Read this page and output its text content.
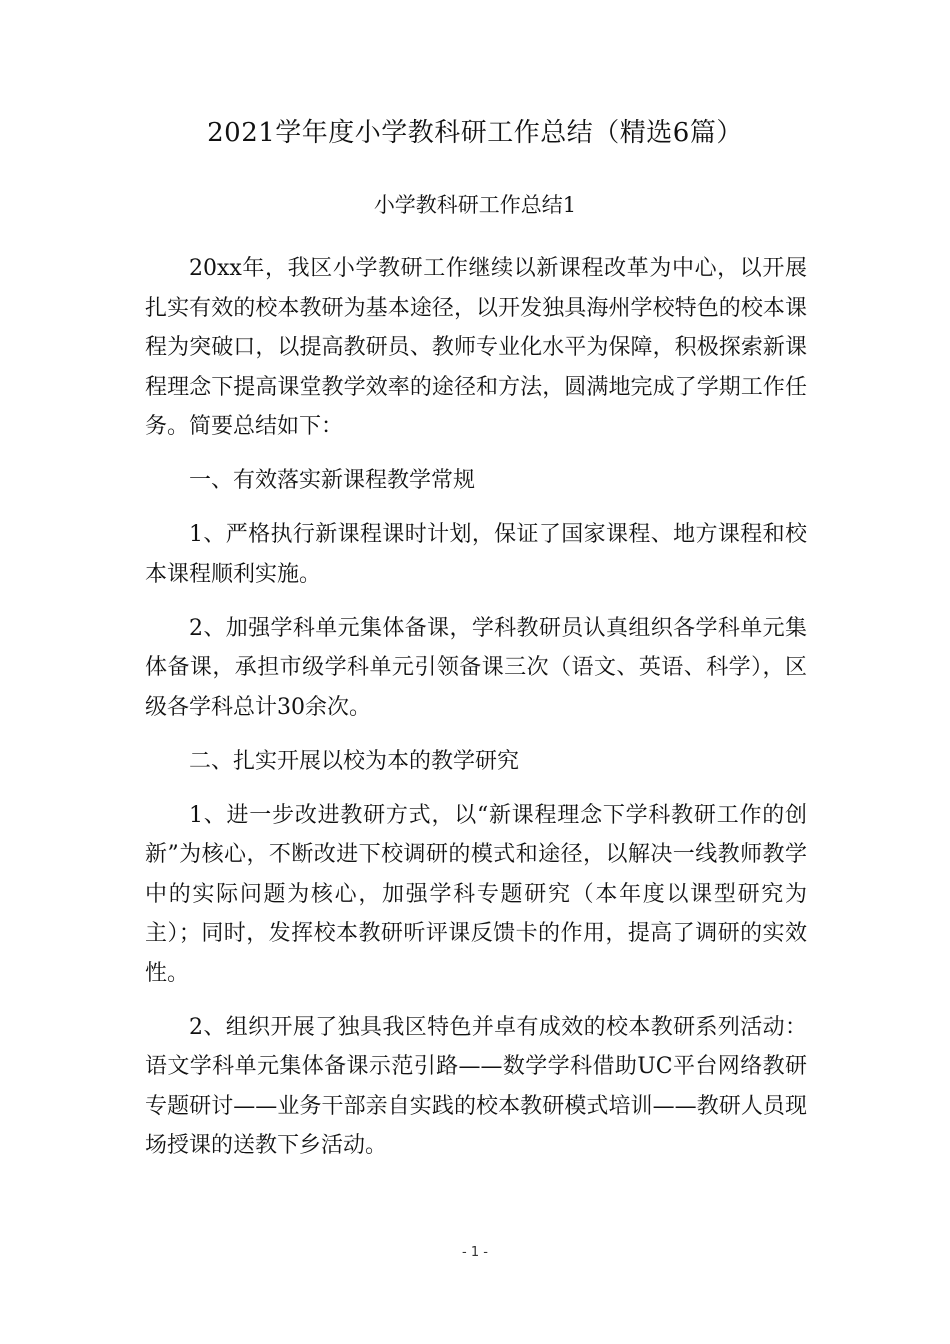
2021学年度小学教科研工作总结（精选6篇）
小学教科研工作总结1

20xx年，我区小学教研工作继续以新课程改革为中心，以开展扎实有效的校本教研为基本途径，以开发独具海州学校特色的校本课程为突破口，以提高教研员、教师专业化水平为保障，积极探索新课程理念下提高课堂教学效率的途径和方法，圆满地完成了学期工作任务。简要总结如下：

一、有效落实新课程教学常规

1、严格执行新课程课时计划，保证了国家课程、地方课程和校本课程顺利实施。

2、加强学科单元集体备课，学科教研员认真组织各学科单元集体备课，承担市级学科单元引领备课三次（语文、英语、科学），区级各学科总计30余次。

二、扎实开展以校为本的教学研究

1、进一步改进教研方式，以“新课程理念下学科教研工作的创新”为核心，不断改进下校调研的模式和途径，以解决一线教师教学中的实际问题为核心，加强学科专题研究（本年度以课型研究为主）；同时，发挥校本教研听评课反馈卡的作用，提高了调研的实效性。

2、组织开展了独具我区特色并卓有成效的校本教研系列活动：语文学科单元集体备课示范引路——数学学科借助UC平台网络教研专题研讨——业务干部亲自实践的校本教研模式培训——教研人员现场授课的送教下乡活动。

- 1 -
